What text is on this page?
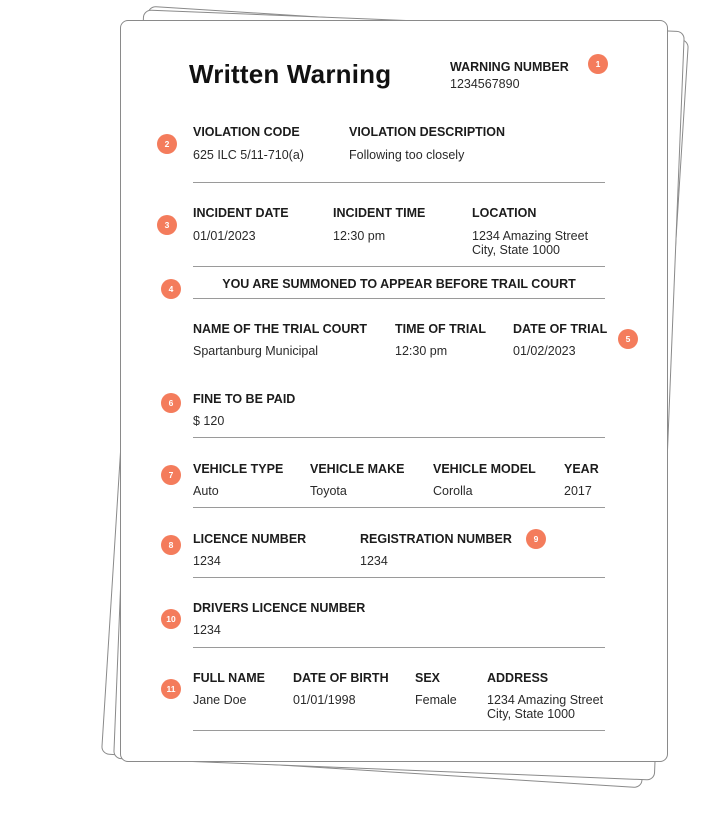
Written Warning	WARNING NUMBER
1234567890
1
VIOLATION CODE
625 ILC 5/11-710(a)
VIOLATION DESCRIPTION
Following too closely
2
INCIDENT DATE
01/01/2023
INCIDENT TIME
12:30 pm
LOCATION
1234 Amazing Street
City, State 1000
3
YOU ARE SUMMONED TO APPEAR BEFORE TRAIL COURT
4
NAME OF THE TRIAL COURT
Spartanburg Municipal
TIME OF TRIAL
12:30 pm
DATE OF TRIAL
01/02/2023
5
FINE TO BE PAID
$ 120
6
VEHICLE TYPE
Auto
VEHICLE MAKE
Toyota
VEHICLE MODEL
Corolla
YEAR
2017
7
LICENCE NUMBER
1234
REGISTRATION NUMBER
1234
8
9
DRIVERS LICENCE NUMBER
1234
10
FULL NAME
Jane Doe
DATE OF BIRTH
01/01/1998
SEX
Female
ADDRESS
1234 Amazing Street
City, State 1000
11
